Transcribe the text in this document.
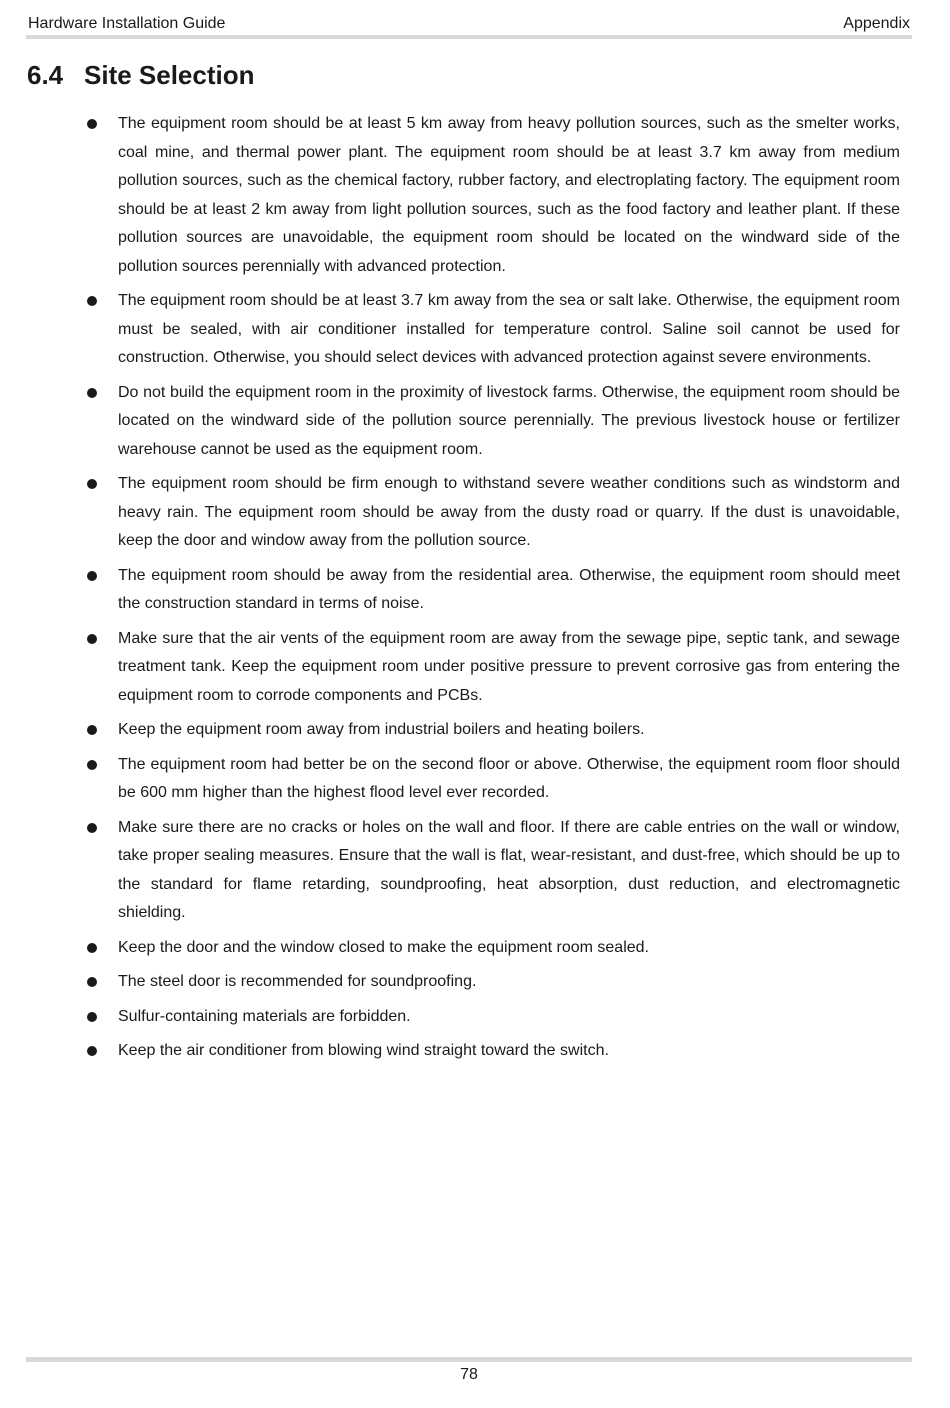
Hardware Installation Guide	Appendix
6.4 Site Selection
The equipment room should be at least 5 km away from heavy pollution sources, such as the smelter works, coal mine, and thermal power plant. The equipment room should be at least 3.7 km away from medium pollution sources, such as the chemical factory, rubber factory, and electroplating factory. The equipment room should be at least 2 km away from light pollution sources, such as the food factory and leather plant. If these pollution sources are unavoidable, the equipment room should be located on the windward side of the pollution sources perennially with advanced protection.
The equipment room should be at least 3.7 km away from the sea or salt lake. Otherwise, the equipment room must be sealed, with air conditioner installed for temperature control. Saline soil cannot be used for construction. Otherwise, you should select devices with advanced protection against severe environments.
Do not build the equipment room in the proximity of livestock farms. Otherwise, the equipment room should be located on the windward side of the pollution source perennially. The previous livestock house or fertilizer warehouse cannot be used as the equipment room.
The equipment room should be firm enough to withstand severe weather conditions such as windstorm and heavy rain. The equipment room should be away from the dusty road or quarry. If the dust is unavoidable, keep the door and window away from the pollution source.
The equipment room should be away from the residential area. Otherwise, the equipment room should meet the construction standard in terms of noise.
Make sure that the air vents of the equipment room are away from the sewage pipe, septic tank, and sewage treatment tank. Keep the equipment room under positive pressure to prevent corrosive gas from entering the equipment room to corrode components and PCBs.
Keep the equipment room away from industrial boilers and heating boilers.
The equipment room had better be on the second floor or above. Otherwise, the equipment room floor should be 600 mm higher than the highest flood level ever recorded.
Make sure there are no cracks or holes on the wall and floor. If there are cable entries on the wall or window, take proper sealing measures. Ensure that the wall is flat, wear-resistant, and dust-free, which should be up to the standard for flame retarding, soundproofing, heat absorption, dust reduction, and electromagnetic shielding.
Keep the door and the window closed to make the equipment room sealed.
The steel door is recommended for soundproofing.
Sulfur-containing materials are forbidden.
Keep the air conditioner from blowing wind straight toward the switch.
78
